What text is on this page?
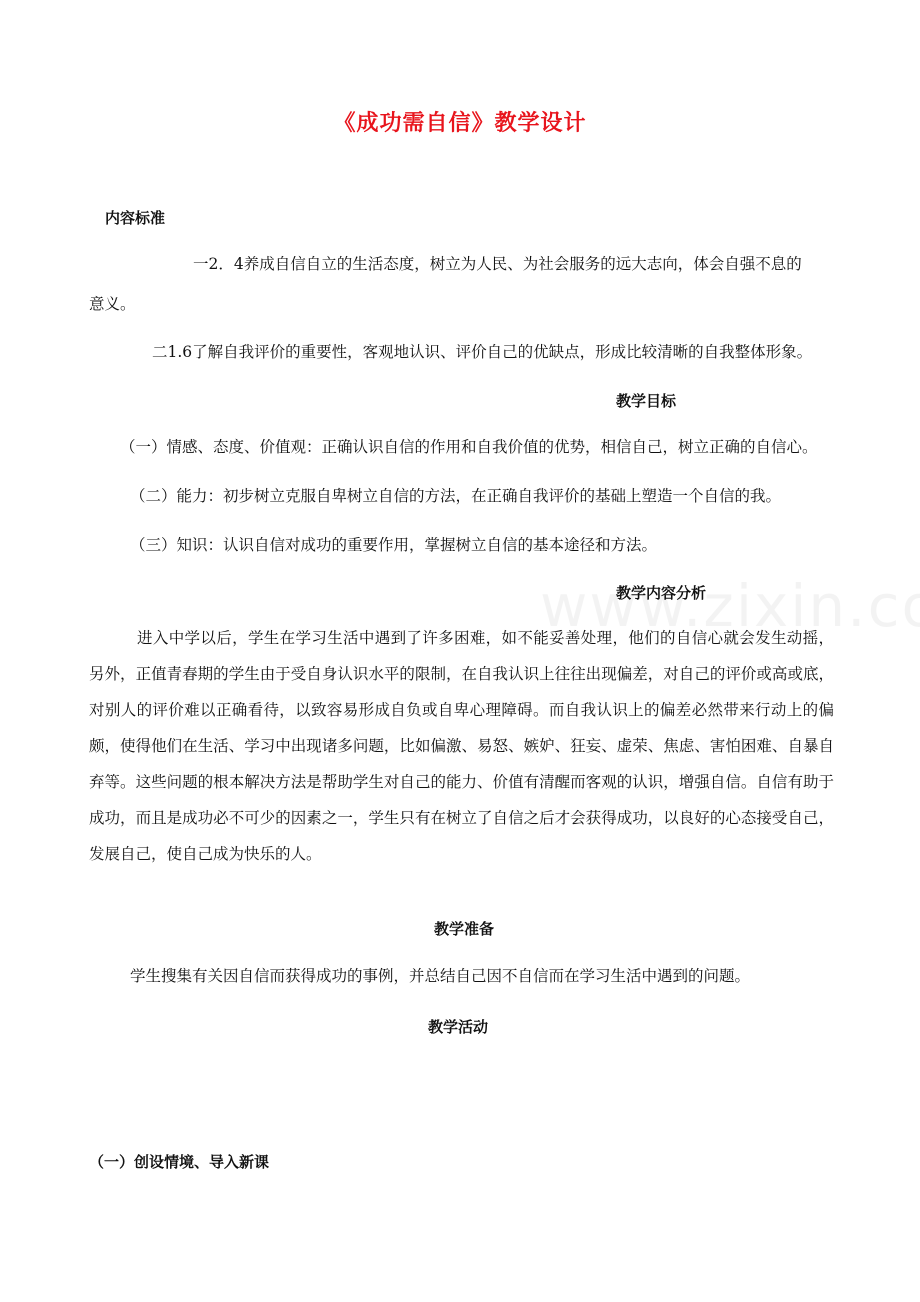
《成功需自信》教学设计
内容标准
一2．4养成自信自立的生活态度，树立为人民、为社会服务的远大志向，体会自强不息的
意义。
二1.6了解自我评价的重要性，客观地认识、评价自己的优缺点，形成比较清晰的自我整体形象。
教学目标
（一）情感、态度、价值观：正确认识自信的作用和自我价值的优势，相信自己，树立正确的自信心。
（二）能力：初步树立克服自卑树立自信的方法，在正确自我评价的基础上塑造一个自信的我。
（三）知识：认识自信对成功的重要作用，掌握树立自信的基本途径和方法。
教学内容分析
进入中学以后，学生在学习生活中遇到了许多困难，如不能妥善处理，他们的自信心就会发生动摇，另外，正值青春期的学生由于受自身认识水平的限制，在自我认识上往往出现偏差，对自己的评价或高或底，对别人的评价难以正确看待，以致容易形成自负或自卑心理障碍。而自我认识上的偏差必然带来行动上的偏颇，使得他们在生活、学习中出现诸多问题，比如偏激、易怒、嫉妒、狂妄、虚荣、焦虑、害怕困难、自暴自弃等。这些问题的根本解决方法是帮助学生对自己的能力、价值有清醒而客观的认识，增强自信。自信有助于成功，而且是成功必不可少的因素之一，学生只有在树立了自信之后才会获得成功，以良好的心态接受自己，发展自己，使自己成为快乐的人。
教学准备
学生搜集有关因自信而获得成功的事例，并总结自己因不自信而在学习生活中遇到的问题。
教学活动
（一）创设情境、导入新课
